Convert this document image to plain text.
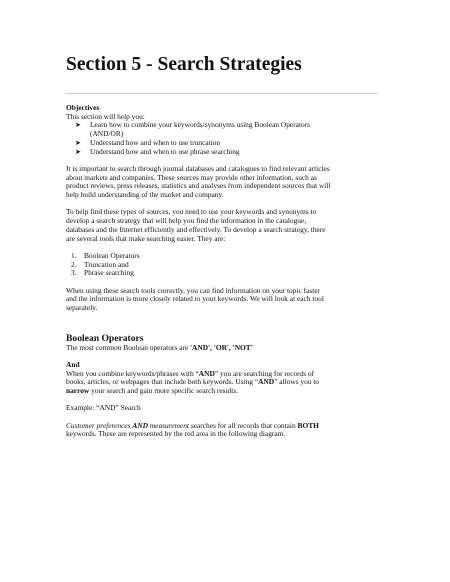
Section 5 - Search Strategies

Objectives

This section will help you:

➤ Learn how to combine your keywords/synonyms using Boolean Operators
(AND/OR)
➤ Understand how and when to use truncation
➤ Understand how and when to use phrase searching

It is important to search through journal databases and catalogues to find relevant articles

about markets and companies. These sources may provide other information, such as

product reviews, press releases, statistics and analyses from independent sources that will

help build understanding of the market and company.

To help find these types of sources, you need to use your keywords and synonyms to

develop a search strategy that will help you find the information in the catalogue,

databases and the Internet efficiently and effectively. To develop a search strategy, there

are several tools that make searching easier. They are:

1. Boolean Operators
2. Truncation and
3. Phrase searching

When using these search tools correctly, you can find information on your topic faster

and the information is more closely related to your keywords. We will look at each tool

separately.

Boolean Operators

The most common Boolean operators are 'AND', 'OR', 'NOT'

And

When you combine keywords/phrases with “AND” you are searching for records of

books, articles, or webpages that include both keywords. Using “AND” allows you to

narrow your search and gain more specific search results.

Example: “AND” Search

Customer preferences AND measurement searches for all records that contain BOTH

keywords. These are represented by the red area in the following diagram.
